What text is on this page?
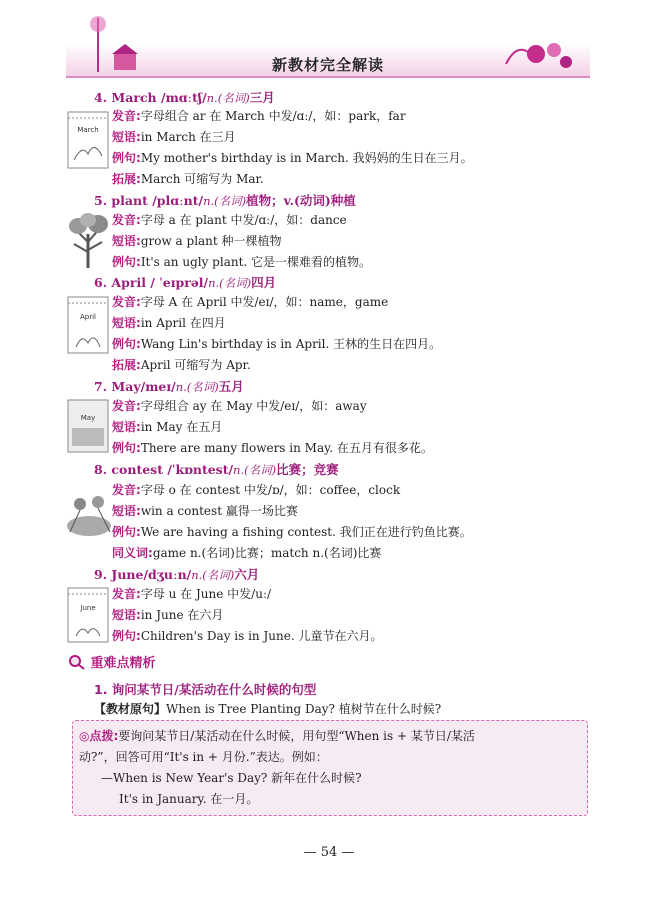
新教材完全解读
4. March /mɑːtʃ/n.(名词)三月
March
发音:字母组合 ar 在 March 中发/ɑː/，如：park，far
短语:in March 在三月
例句:My mother's birthday is in March. 我妈妈的生日在三月。
拓展:March 可缩写为 Mar.
5. plant /plɑːnt/n.(名词)植物；v.(动词)种植
发音:字母 a 在 plant 中发/ɑː/，如：dance
短语:grow a plant 种一棵植物
例句:It's an ugly plant. 它是一棵难看的植物。
6. April / ˈeɪprəl/n.(名词)四月
April
发音:字母 A 在 April 中发/eɪ/，如：name，game
短语:in April 在四月
例句:Wang Lin's birthday is in April. 王林的生日在四月。
拓展:April 可缩写为 Apr.
7. May/meɪ/n.(名词)五月
May
发音:字母组合 ay 在 May 中发/eɪ/，如：away
短语:in May 在五月
例句:There are many flowers in May. 在五月有很多花。
8. contest /ˈkɒntest/n.(名词)比赛；竞赛
发音:字母 o 在 contest 中发/ɒ/，如：coffee，clock
短语:win a contest 赢得一场比赛
例句:We are having a fishing contest. 我们正在进行钓鱼比赛。
同义词:game n.(名词)比赛；match n.(名词)比赛
9. June/dʒuːn/n.(名词)六月
June
发音:字母 u 在 June 中发/uː/
短语:in June 在六月
例句:Children's Day is in June. 儿童节在六月。
重难点精析
1. 询问某节日/某活动在什么时候的句型
【教材原句】When is Tree Planting Day? 植树节在什么时候?
◎点拨:要询问某节日/某活动在什么时候，用句型“When is + 某节日/某活
动?”，回答可用“It's in + 月份.”表达。例如：
—When is New Year's Day? 新年在什么时候?
It's in January. 在一月。
— 54 —
